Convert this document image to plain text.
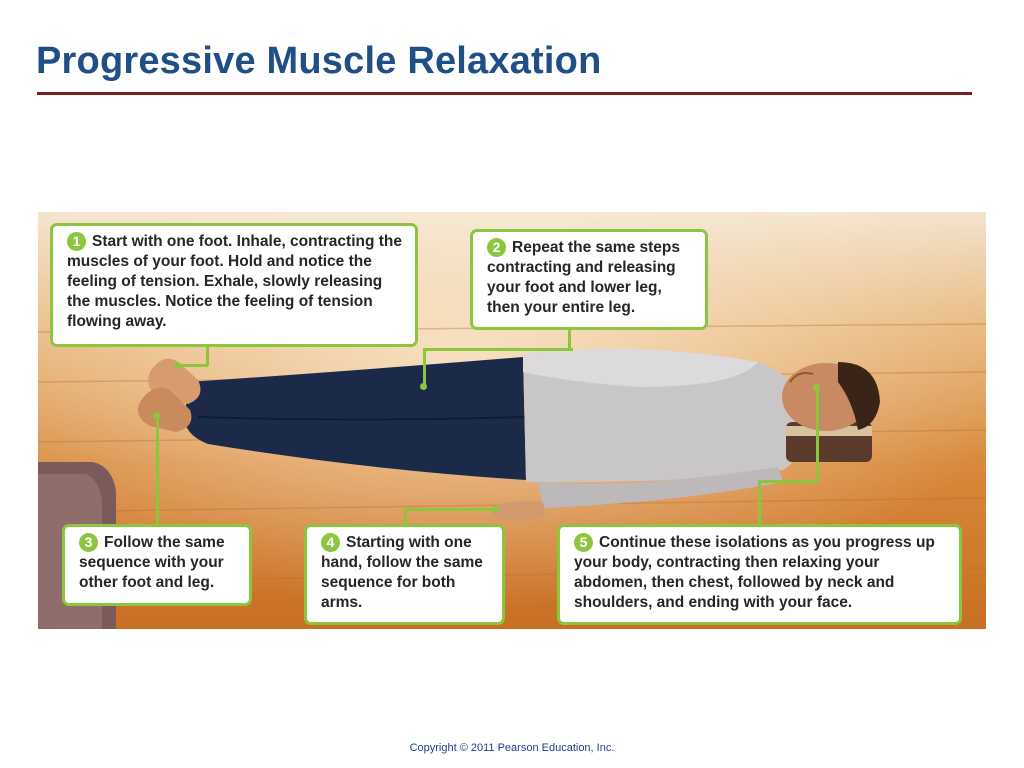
Progressive Muscle Relaxation
1 Start with one foot. Inhale, contracting the muscles of your foot. Hold and notice the feeling of tension. Exhale, slowly releasing the muscles. Notice the feeling of tension flowing away.
2 Repeat the same steps contracting and releasing your foot and lower leg, then your entire leg.
3 Follow the same sequence with your other foot and leg.
4 Starting with one hand, follow the same sequence for both arms.
5 Continue these isolations as you progress up your body, contracting then relaxing your abdomen, then chest, followed by neck and shoulders, and ending with your face.
Copyright © 2011 Pearson Education, Inc.
